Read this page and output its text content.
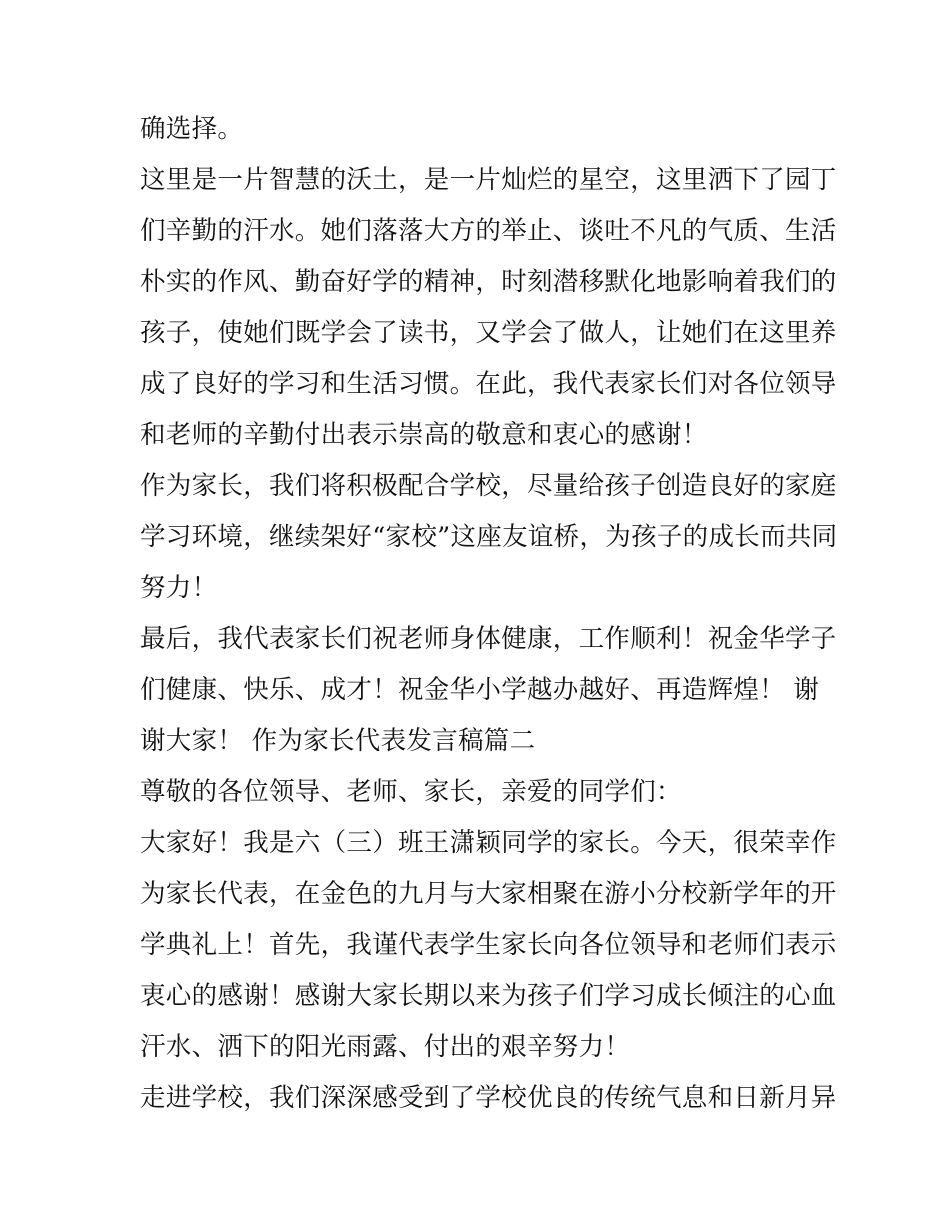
确选择。
这里是一片智慧的沃土，是一片灿烂的星空，这里洒下了园丁
们辛勤的汗水。她们落落大方的举止、谈吐不凡的气质、生活
朴实的作风、勤奋好学的精神，时刻潜移默化地影响着我们的
孩子，使她们既学会了读书，又学会了做人，让她们在这里养
成了良好的学习和生活习惯。在此，我代表家长们对各位领导
和老师的辛勤付出表示崇高的敬意和衷心的感谢！
作为家长，我们将积极配合学校，尽量给孩子创造良好的家庭
学习环境，继续架好“家校”这座友谊桥，为孩子的成长而共同
努力！
最后，我代表家长们祝老师身体健康，工作顺利！祝金华学子
们健康、快乐、成才！祝金华小学越办越好、再造辉煌！ 谢
谢大家！ 作为家长代表发言稿篇二
尊敬的各位领导、老师、家长，亲爱的同学们：
大家好！我是六（三）班王潇颖同学的家长。今天，很荣幸作
为家长代表，在金色的九月与大家相聚在游小分校新学年的开
学典礼上！首先，我谨代表学生家长向各位领导和老师们表示
衷心的感谢！感谢大家长期以来为孩子们学习成长倾注的心血
汗水、洒下的阳光雨露、付出的艰辛努力！
走进学校，我们深深感受到了学校优良的传统气息和日新月异
